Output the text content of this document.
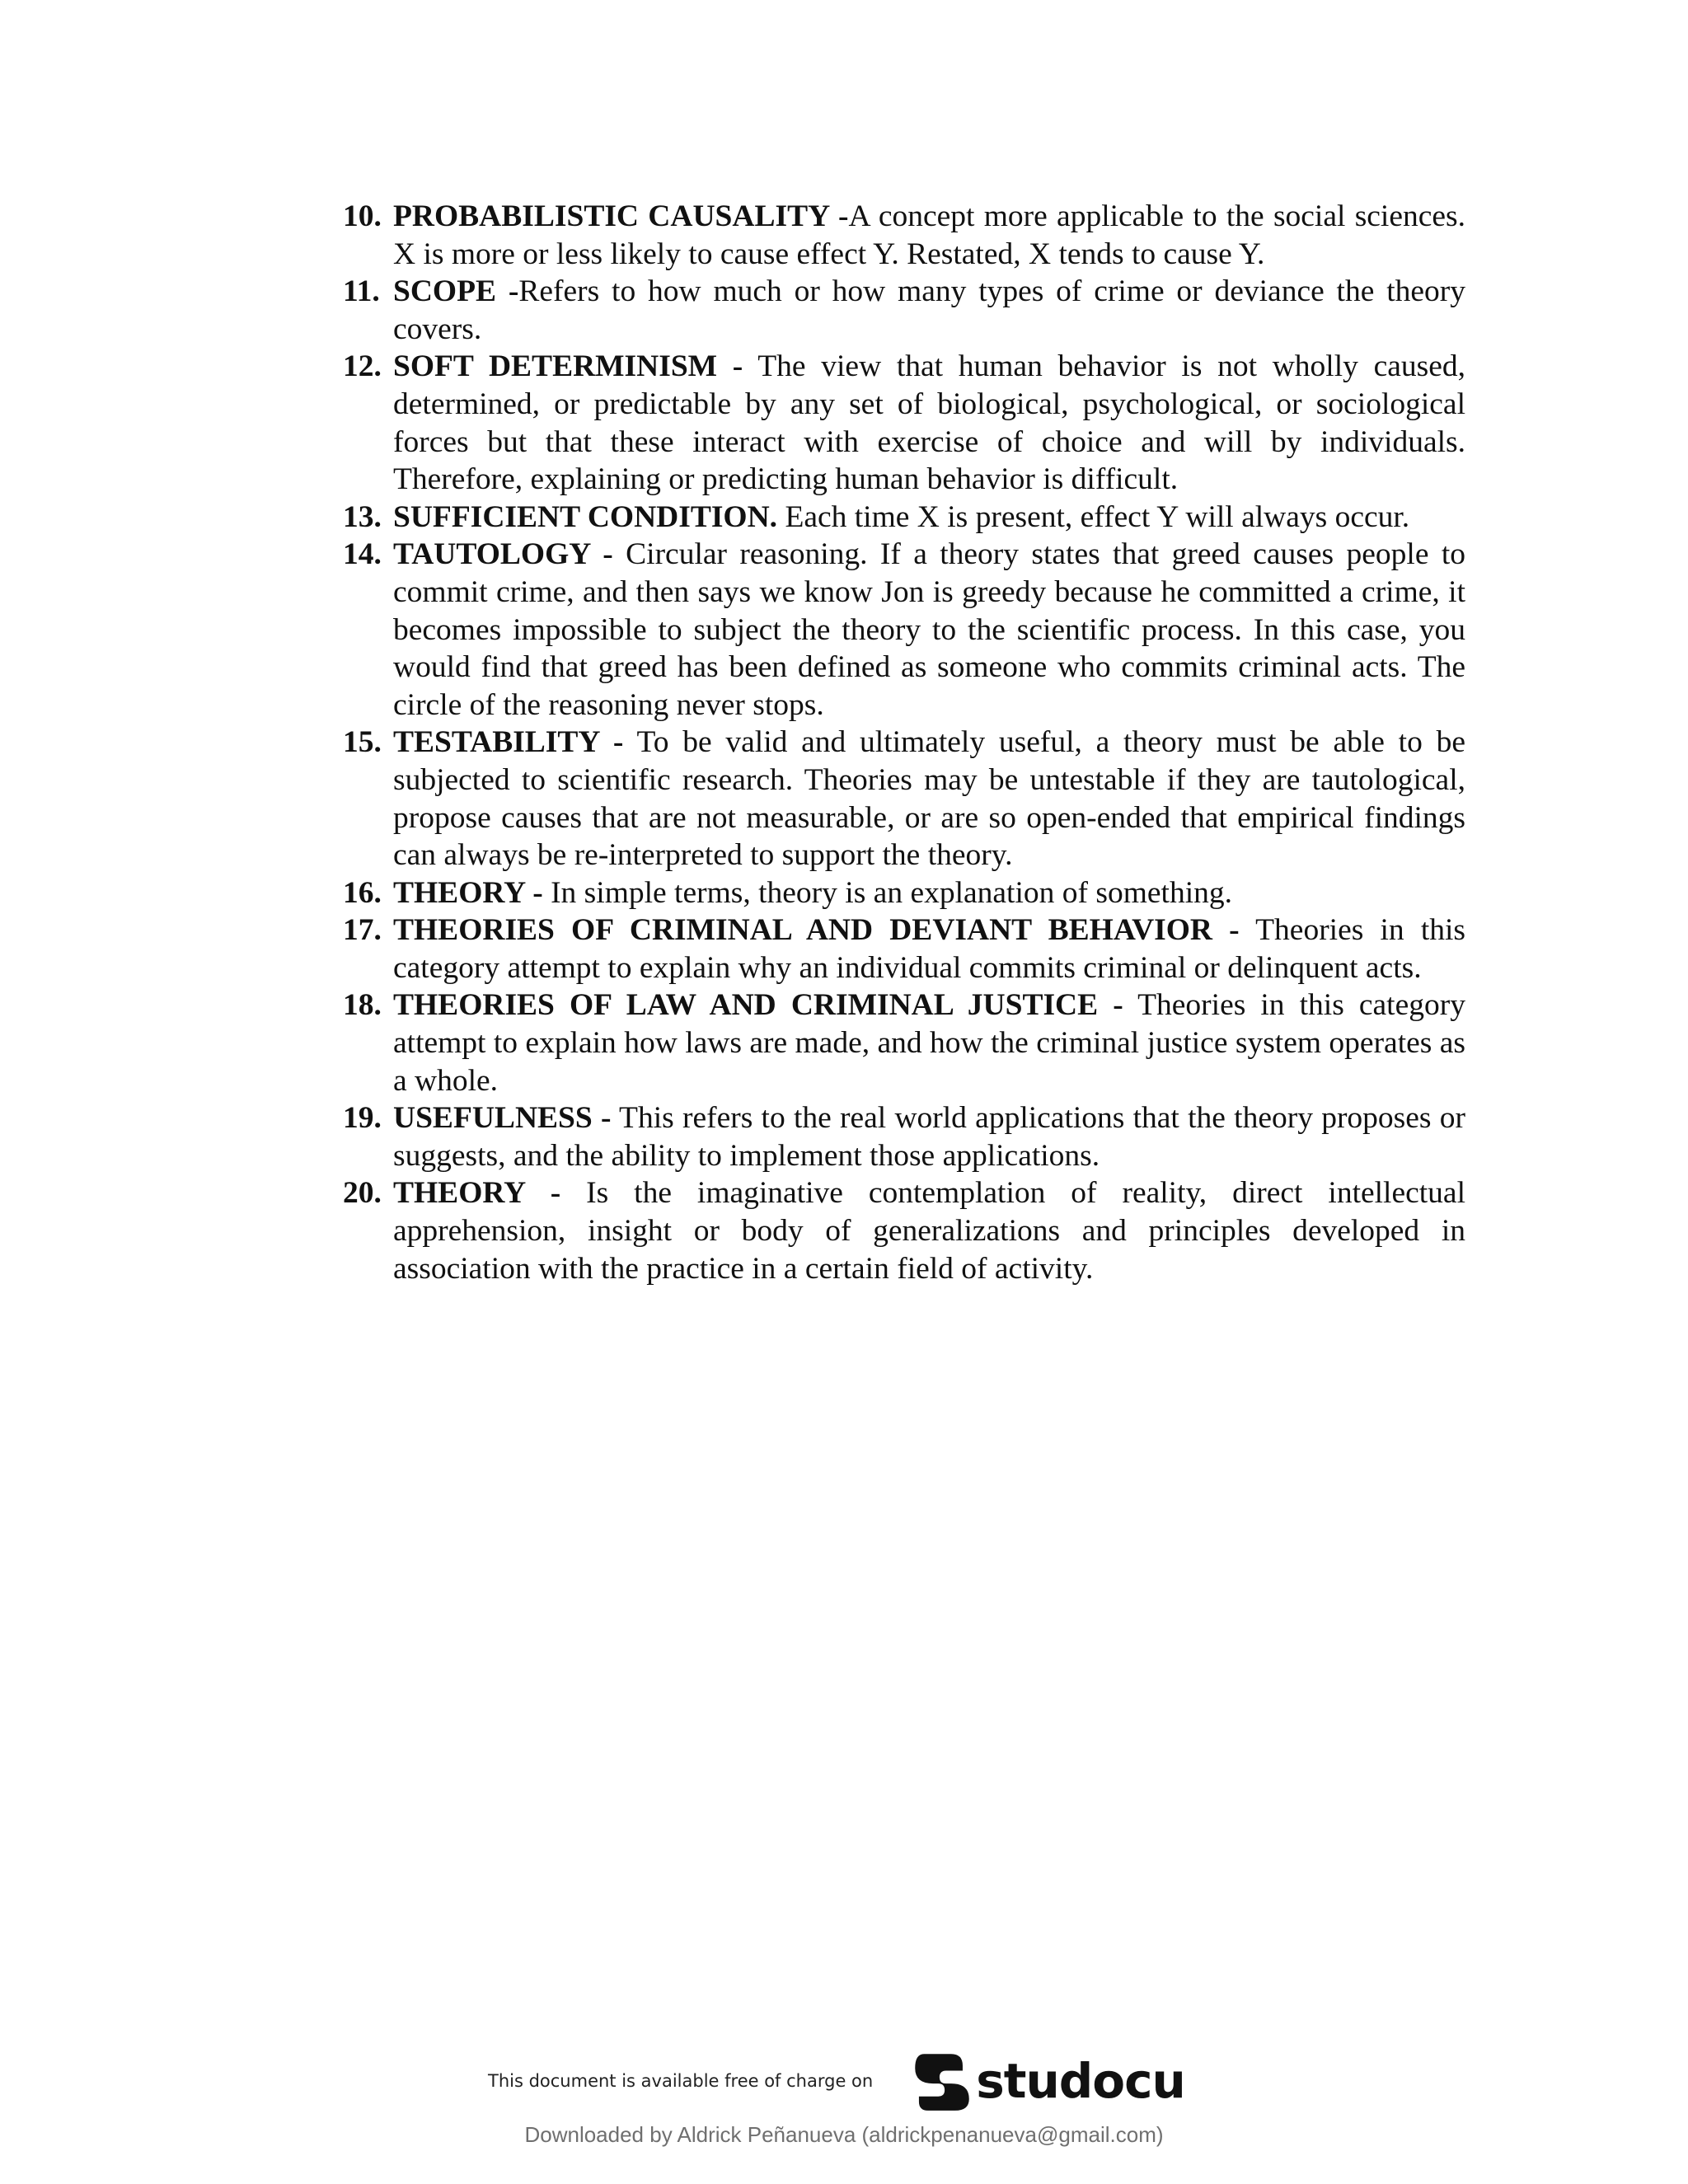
10. PROBABILISTIC CAUSALITY -A concept more applicable to the social sciences. X is more or less likely to cause effect Y. Restated, X tends to cause Y.
11. SCOPE -Refers to how much or how many types of crime or deviance the theory covers.
12. SOFT DETERMINISM - The view that human behavior is not wholly caused, determined, or predictable by any set of biological, psychological, or sociological forces but that these interact with exercise of choice and will by individuals. Therefore, explaining or predicting human behavior is difficult.
13. SUFFICIENT CONDITION. Each time X is present, effect Y will always occur.
14. TAUTOLOGY - Circular reasoning. If a theory states that greed causes people to commit crime, and then says we know Jon is greedy because he committed a crime, it becomes impossible to subject the theory to the scientific process. In this case, you would find that greed has been defined as someone who commits criminal acts. The circle of the reasoning never stops.
15. TESTABILITY - To be valid and ultimately useful, a theory must be able to be subjected to scientific research. Theories may be untestable if they are tautological, propose causes that are not measurable, or are so open-ended that empirical findings can always be re-interpreted to support the theory.
16. THEORY - In simple terms, theory is an explanation of something.
17. THEORIES OF CRIMINAL AND DEVIANT BEHAVIOR - Theories in this category attempt to explain why an individual commits criminal or delinquent acts.
18. THEORIES OF LAW AND CRIMINAL JUSTICE - Theories in this category attempt to explain how laws are made, and how the criminal justice system operates as a whole.
19. USEFULNESS - This refers to the real world applications that the theory proposes or suggests, and the ability to implement those applications.
20. THEORY - Is the imaginative contemplation of reality, direct intellectual apprehension, insight or body of generalizations and principles developed in association with the practice in a certain field of activity.
This document is available free of charge on studocu
Downloaded by Aldrick Peñanueva (aldrickpenanueva@gmail.com)
